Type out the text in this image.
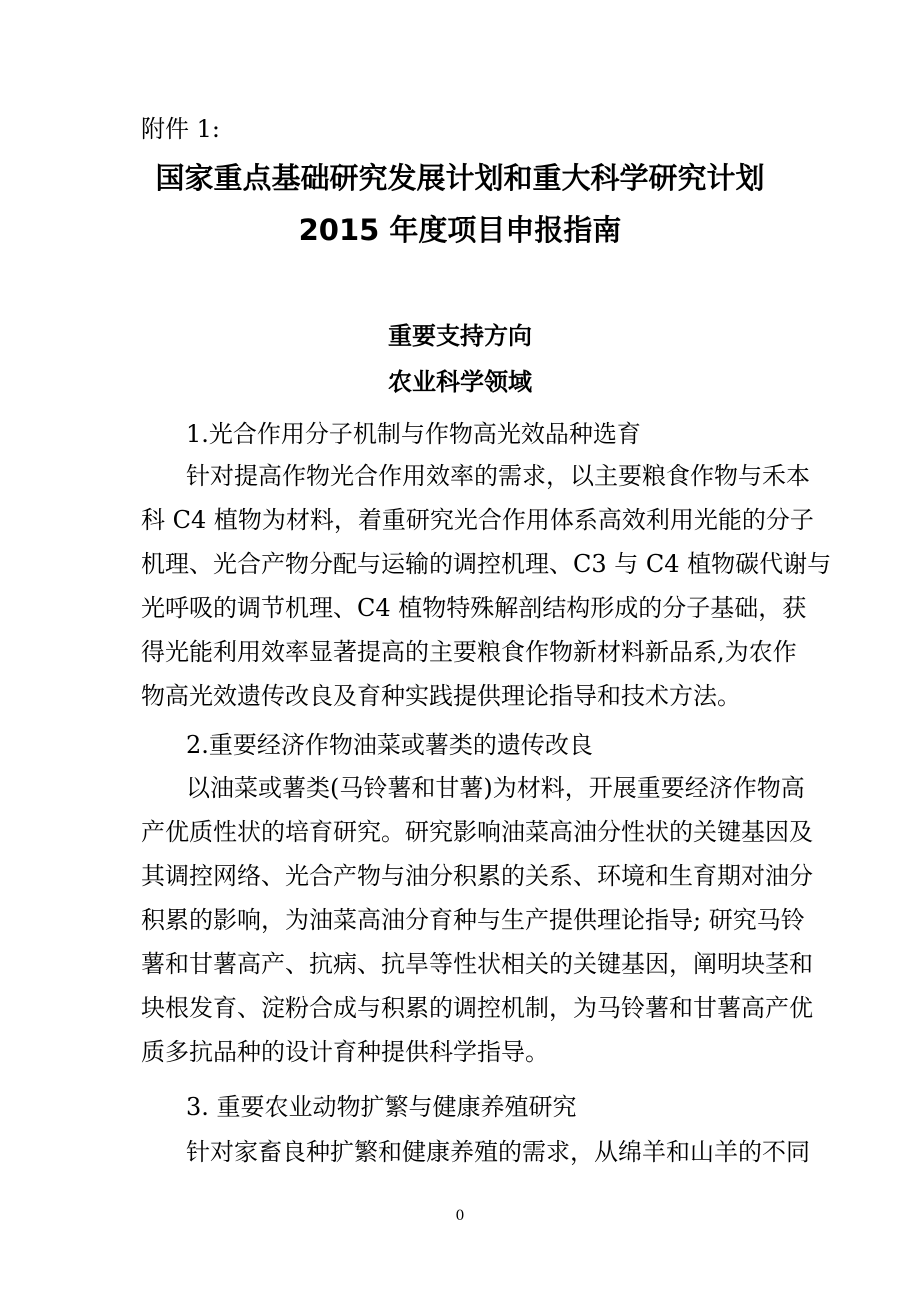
附件 1:
国家重点基础研究发展计划和重大科学研究计划
2015 年度项目申报指南
重要支持方向
农业科学领域
1.光合作用分子机制与作物高光效品种选育
针对提高作物光合作用效率的需求，以主要粮食作物与禾本
科 C4 植物为材料，着重研究光合作用体系高效利用光能的分子
机理、光合产物分配与运输的调控机理、C3 与 C4 植物碳代谢与
光呼吸的调节机理、C4 植物特殊解剖结构形成的分子基础，获
得光能利用效率显著提高的主要粮食作物新材料新品系,为农作
物高光效遗传改良及育种实践提供理论指导和技术方法。
2.重要经济作物油菜或薯类的遗传改良
以油菜或薯类(马铃薯和甘薯)为材料，开展重要经济作物高
产优质性状的培育研究。研究影响油菜高油分性状的关键基因及
其调控网络、光合产物与油分积累的关系、环境和生育期对油分
积累的影响，为油菜高油分育种与生产提供理论指导; 研究马铃
薯和甘薯高产、抗病、抗旱等性状相关的关键基因，阐明块茎和
块根发育、淀粉合成与积累的调控机制，为马铃薯和甘薯高产优
质多抗品种的设计育种提供科学指导。
3. 重要农业动物扩繁与健康养殖研究
针对家畜良种扩繁和健康养殖的需求，从绵羊和山羊的不同
0
